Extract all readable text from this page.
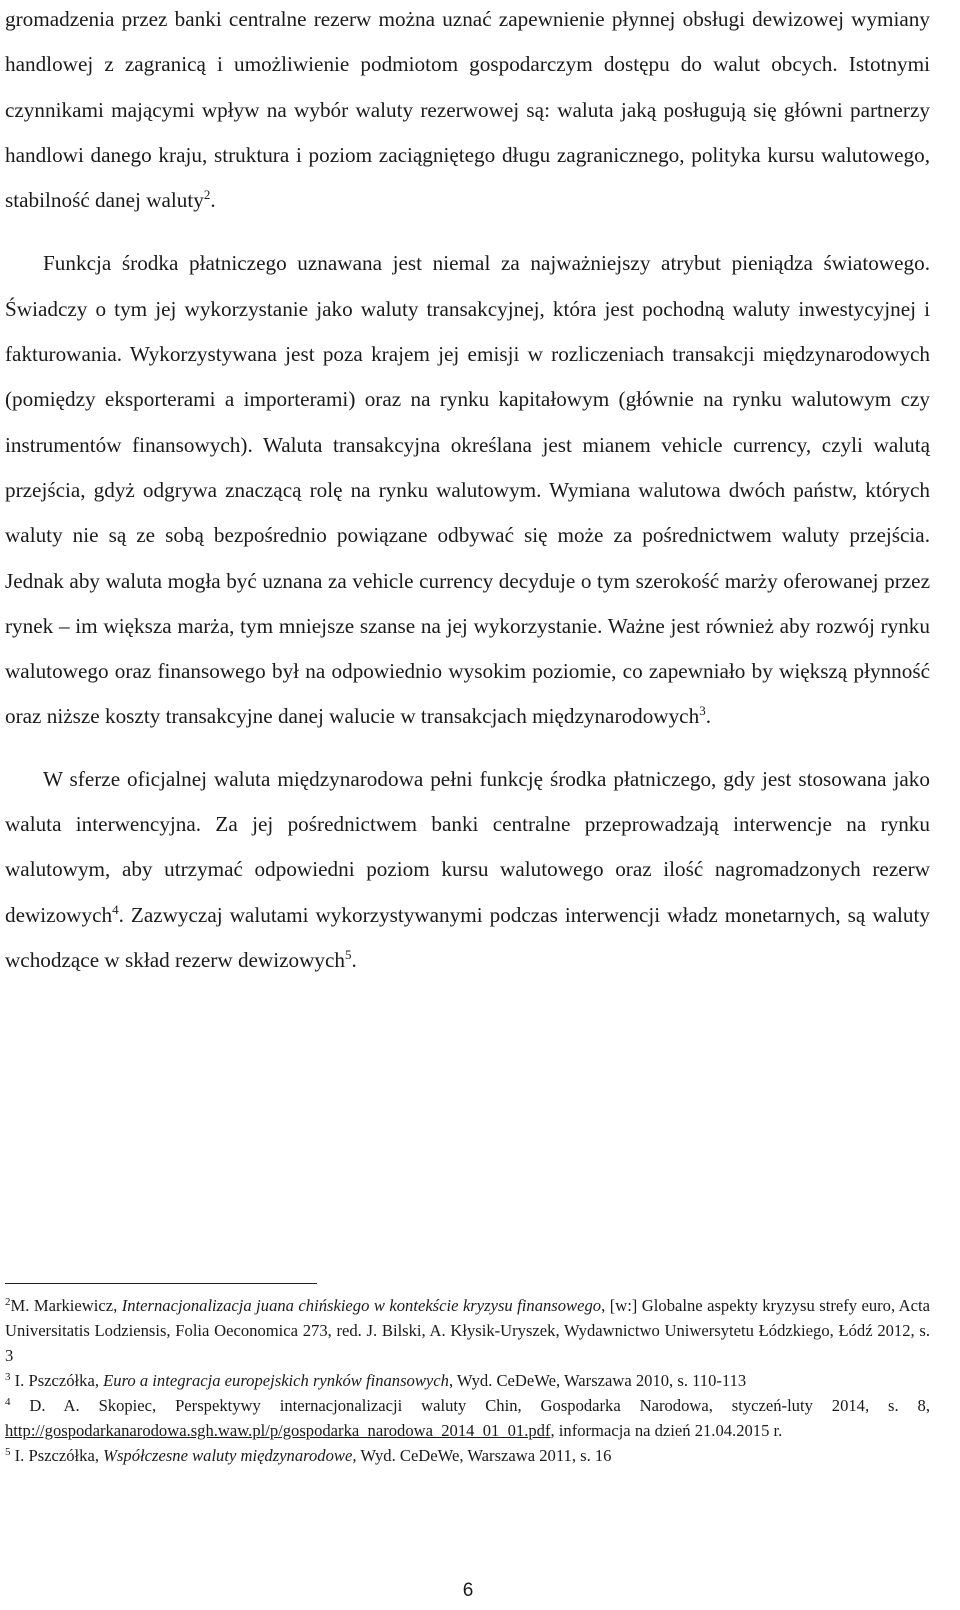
gromadzenia przez banki centralne rezerw można uznać zapewnienie płynnej obsługi dewizowej wymiany handlowej z zagranicą i umożliwienie podmiotom gospodarczym dostępu do walut obcych. Istotnymi czynnikami mającymi wpływ na wybór waluty rezerwowej są: waluta jaką posługują się główni partnerzy handlowi danego kraju, struktura i poziom zaciągniętego długu zagranicznego, polityka kursu walutowego, stabilność danej waluty$^2$.

Funkcja środka płatniczego uznawana jest niemal za najważniejszy atrybut pieniądza światowego. Świadczy o tym jej wykorzystanie jako waluty transakcyjnej, która jest pochodną waluty inwestycyjnej i fakturowania. Wykorzystywana jest poza krajem jej emisji w rozliczeniach transakcji międzynarodowych (pomiędzy eksporterami a importerami) oraz na rynku kapitałowym (głównie na rynku walutowym czy instrumentów finansowych). Waluta transakcyjna określana jest mianem vehicle currency, czyli walutą przejścia, gdyż odgrywa znaczącą rolę na rynku walutowym. Wymiana walutowa dwóch państw, których waluty nie są ze sobą bezpośrednio powiązane odbywać się może za pośrednictwem waluty przejścia. Jednak aby waluta mogła być uznana za vehicle currency decyduje o tym szerokość marży oferowanej przez rynek – im większa marża, tym mniejsze szanse na jej wykorzystanie. Ważne jest również aby rozwój rynku walutowego oraz finansowego był na odpowiednio wysokim poziomie, co zapewniało by większą płynność oraz niższe koszty transakcyjne danej walucie w transakcjach międzynarodowych$^3$.

W sferze oficjalnej waluta międzynarodowa pełni funkcję środka płatniczego, gdy jest stosowana jako waluta interwencyjna. Za jej pośrednictwem banki centralne przeprowadzają interwencje na rynku walutowym, aby utrzymać odpowiedni poziom kursu walutowego oraz ilość nagromadzonych rezerw dewizowych$^4$. Zazwyczaj walutami wykorzystywanymi podczas interwencji władz monetarnych, są waluty wchodzące w skład rezerw dewizowych$^5$.

$^2$M. Markiewicz, Internacjonalizacja juana chińskiego w kontekście kryzysu finansowego, [w:] Globalne aspekty kryzysu strefy euro, Acta Universitatis Lodziensis, Folia Oeconomica 273, red. J. Bilski, A. Kłysik-Uryszek, Wydawnictwo Uniwersytetu Łódzkiego, Łódź 2012, s. 3

$^3$ I. Pszczółka, Euro a integracja europejskich rynków finansowych, Wyd. CeDeWe, Warszawa 2010, s. 110-113

$^4$ D. A. Skopiec, Perspektywy internacjonalizacji waluty Chin, Gospodarka Narodowa, styczeń-luty 2014, s. 8, http://gospodarkanarodowa.sgh.waw.pl/p/gospodarka_narodowa_2014_01_01.pdf, informacja na dzień 21.04.2015 r.

$^5$ I. Pszczółka, Współczesne waluty międzynarodowe, Wyd. CeDeWe, Warszawa 2011, s. 16

6
